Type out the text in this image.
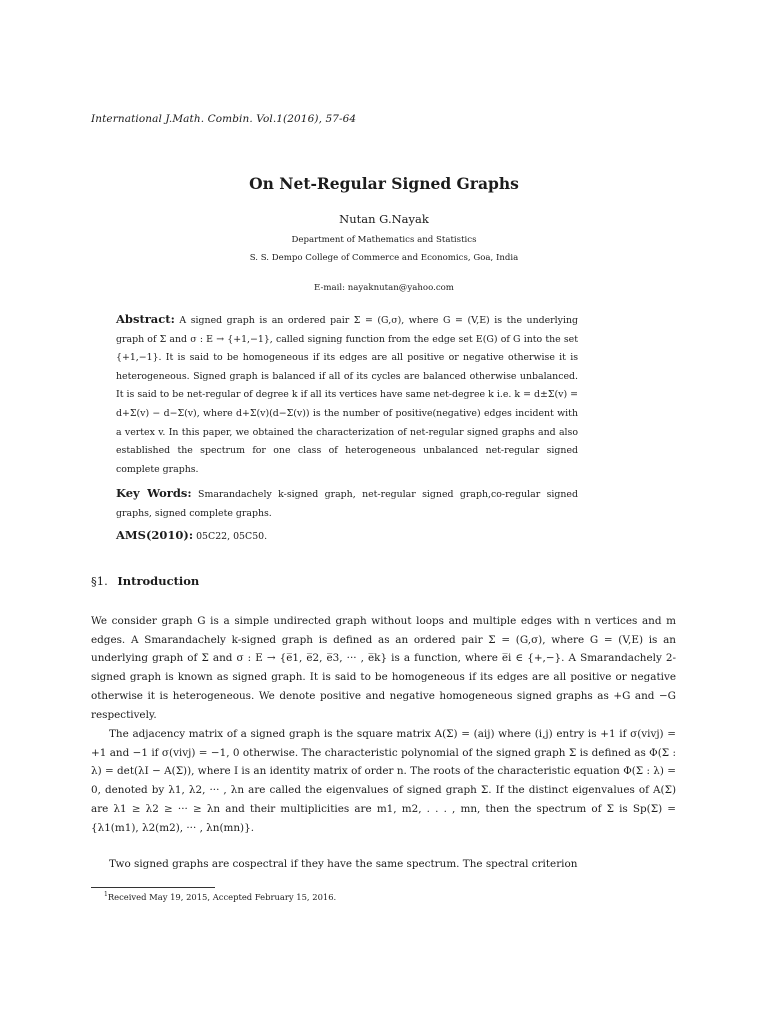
International J.Math. Combin. Vol.1(2016), 57-64
On Net-Regular Signed Graphs
Nutan G.Nayak
Department of Mathematics and Statistics
S. S. Dempo College of Commerce and Economics, Goa, India
E-mail: nayaknutan@yahoo.com
Abstract: A signed graph is an ordered pair Σ = (G,σ), where G = (V,E) is the underlying graph of Σ and σ : E → {+1,−1}, called signing function from the edge set E(G) of G into the set {+1,−1}. It is said to be homogeneous if its edges are all positive or negative otherwise it is heterogeneous. Signed graph is balanced if all of its cycles are balanced otherwise unbalanced. It is said to be net-regular of degree k if all its vertices have same net-degree k i.e. k = d±Σ(v) = d+Σ(v) − d−Σ(v), where d+Σ(v)(d−Σ(v)) is the number of positive(negative) edges incident with a vertex v. In this paper, we obtained the characterization of net-regular signed graphs and also established the spectrum for one class of heterogeneous unbalanced net-regular signed complete graphs.
Key Words: Smarandachely k-signed graph, net-regular signed graph,co-regular signed graphs, signed complete graphs.
AMS(2010): 05C22, 05C50.
§1. Introduction

We consider graph G is a simple undirected graph without loops and multiple edges with n vertices and m edges. A Smarandachely k-signed graph is defined as an ordered pair Σ = (G,σ), where G = (V,E) is an underlying graph of Σ and σ : E → {e̅1, e̅2, e̅3, ··· , e̅k} is a function, where e̅i ∈ {+,−}. A Smarandachely 2-signed graph is known as signed graph. It is said to be homogeneous if its edges are all positive or negative otherwise it is heterogeneous. We denote positive and negative homogeneous signed graphs as +G and −G respectively.

The adjacency matrix of a signed graph is the square matrix A(Σ) = (aij) where (i,j) entry is +1 if σ(vivj) = +1 and −1 if σ(vivj) = −1, 0 otherwise. The characteristic polynomial of the signed graph Σ is defined as Φ(Σ : λ) = det(λI − A(Σ)), where I is an identity matrix of order n. The roots of the characteristic equation Φ(Σ : λ) = 0, denoted by λ1, λ2, ··· , λn are called the eigenvalues of signed graph Σ. If the distinct eigenvalues of A(Σ) are λ1 ≥ λ2 ≥ ··· ≥ λn and their multiplicities are m1, m2, . . . , mn, then the spectrum of Σ is Sp(Σ) = {λ1(m1), λ2(m2), ··· , λn(mn)}.

Two signed graphs are cospectral if they have the same spectrum. The spectral criterion

$^1$Received May 19, 2015, Accepted February 15, 2016.
